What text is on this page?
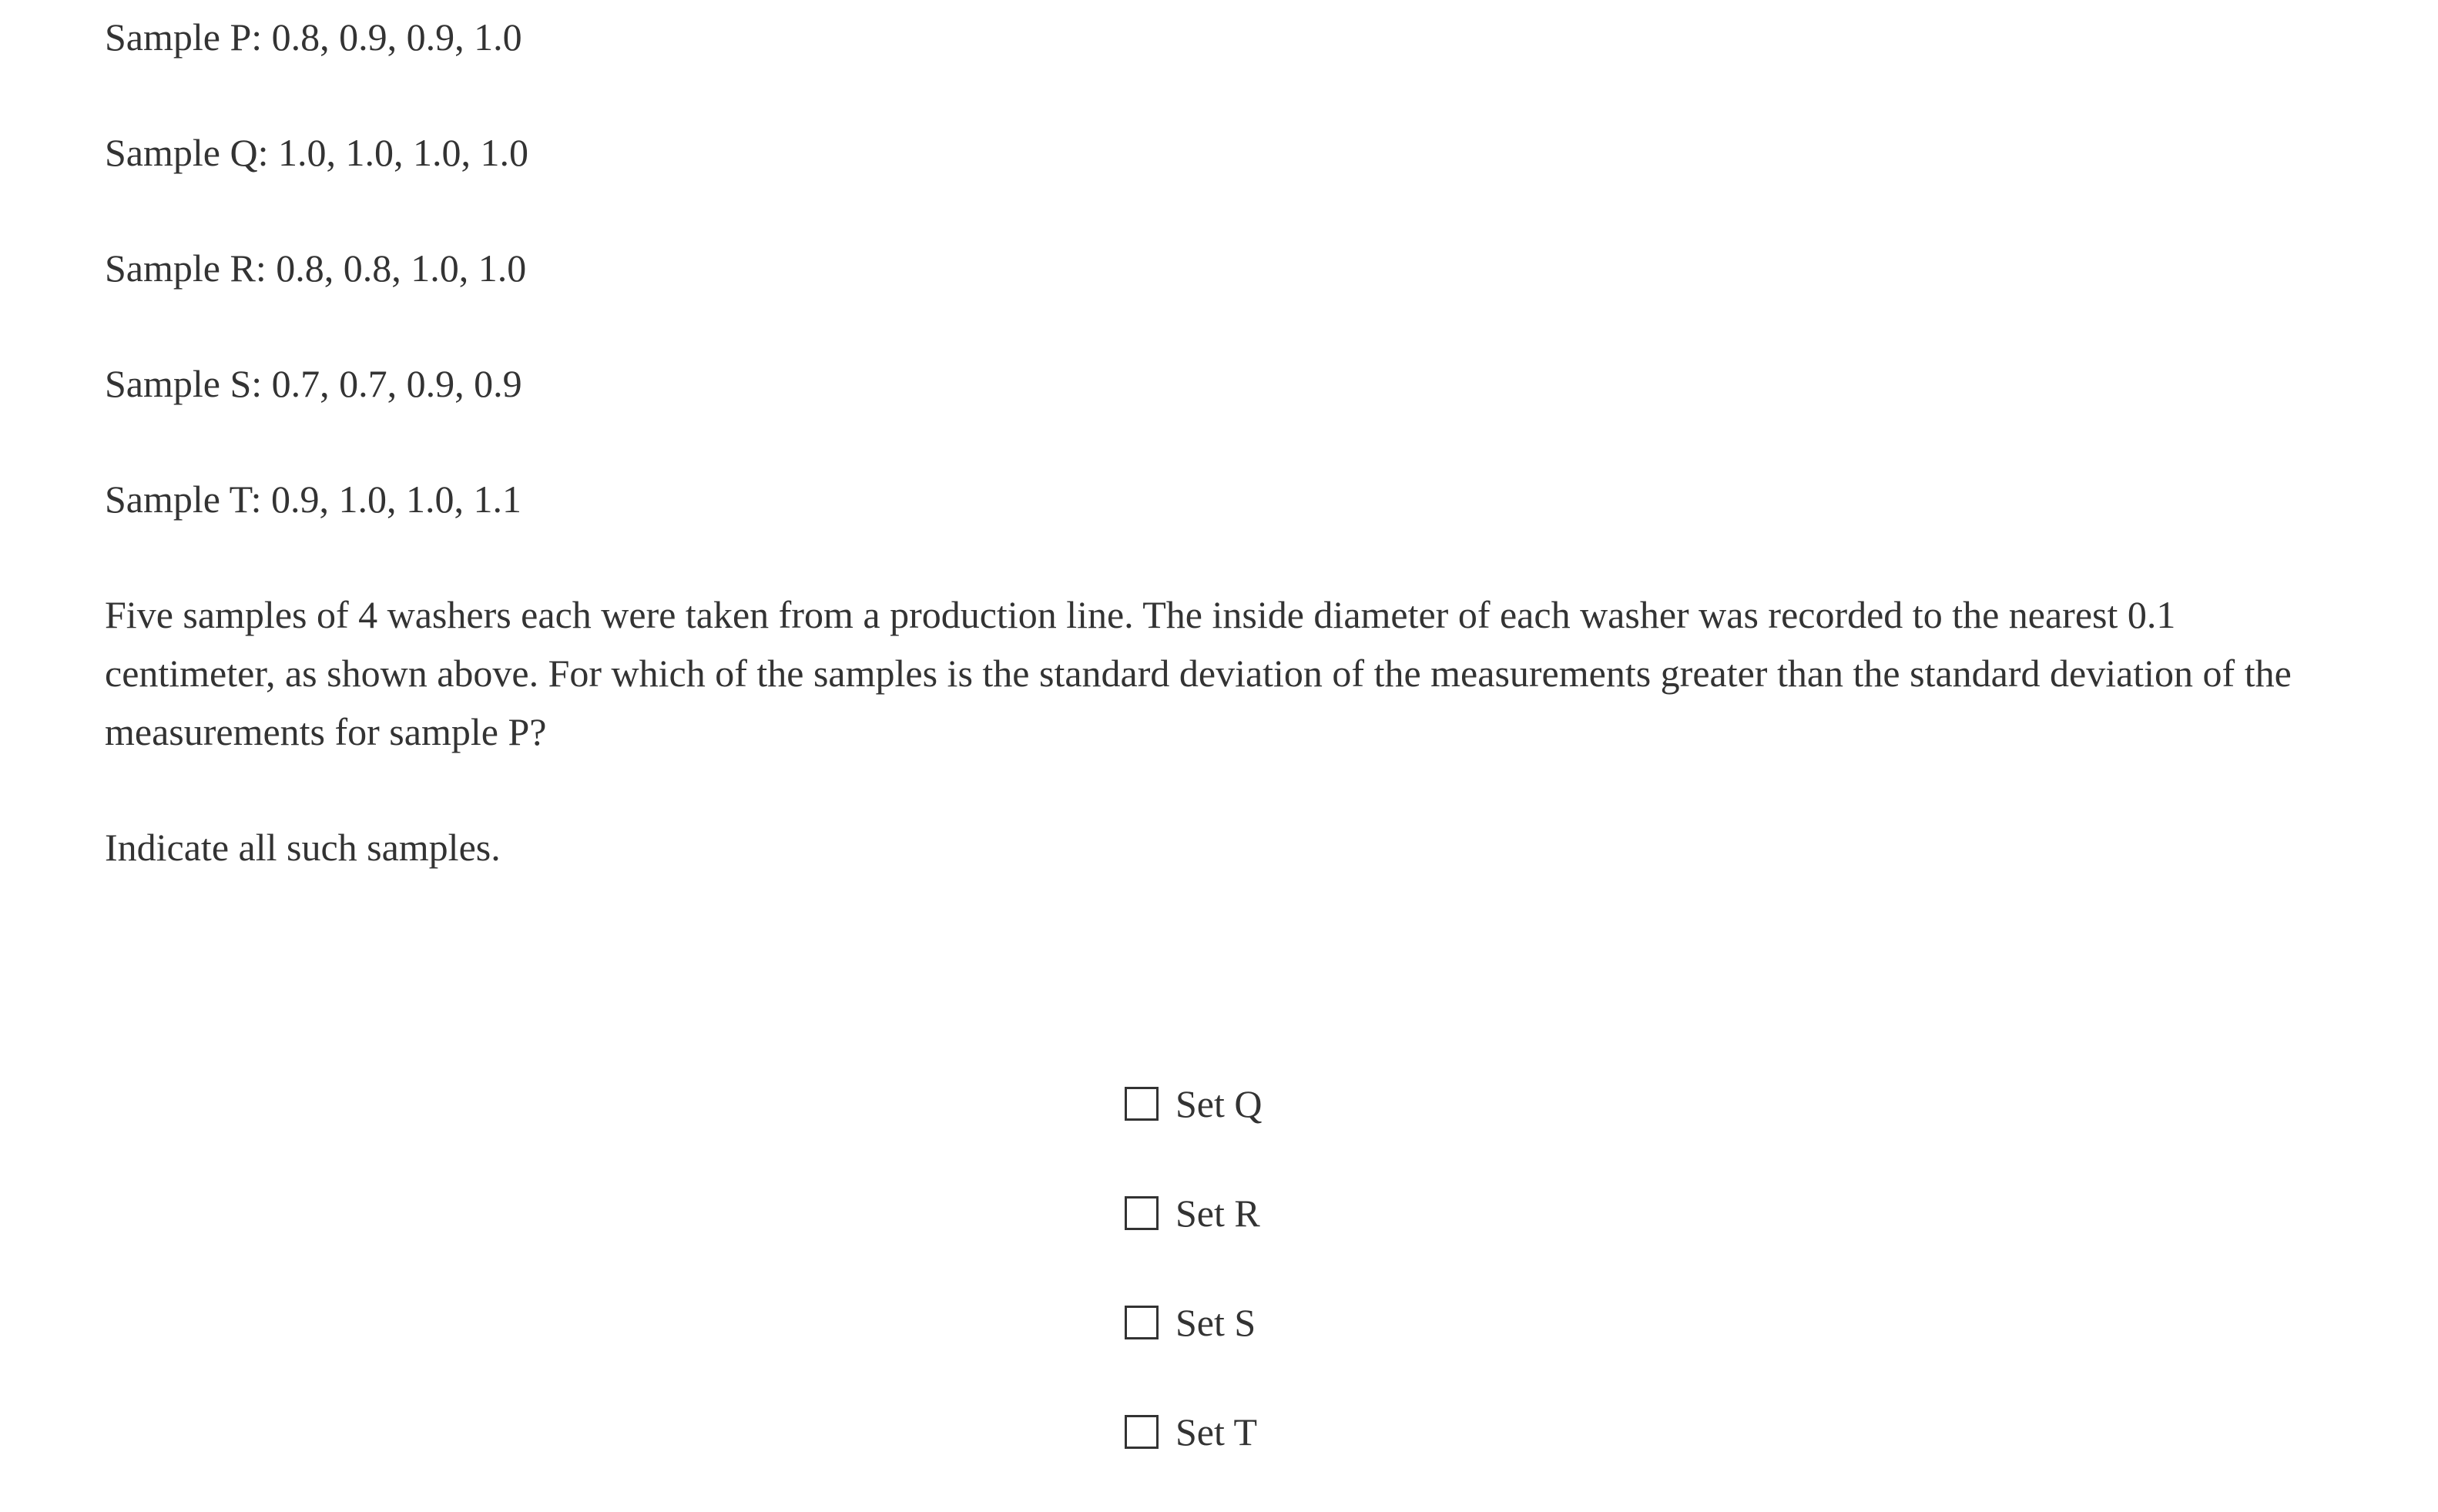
Sample P: 0.8, 0.9, 0.9, 1.0
Sample Q: 1.0, 1.0, 1.0, 1.0
Sample R: 0.8, 0.8, 1.0, 1.0
Sample S: 0.7, 0.7, 0.9, 0.9
Sample T: 0.9, 1.0, 1.0, 1.1

Five samples of 4 washers each were taken from a production line. The inside diameter of each washer was recorded to the nearest 0.1 centimeter, as shown above. For which of the samples is the standard deviation of the measurements greater than the standard deviation of the measurements for sample P?

Indicate all such samples.

Set Q
Set R
Set S
Set T
